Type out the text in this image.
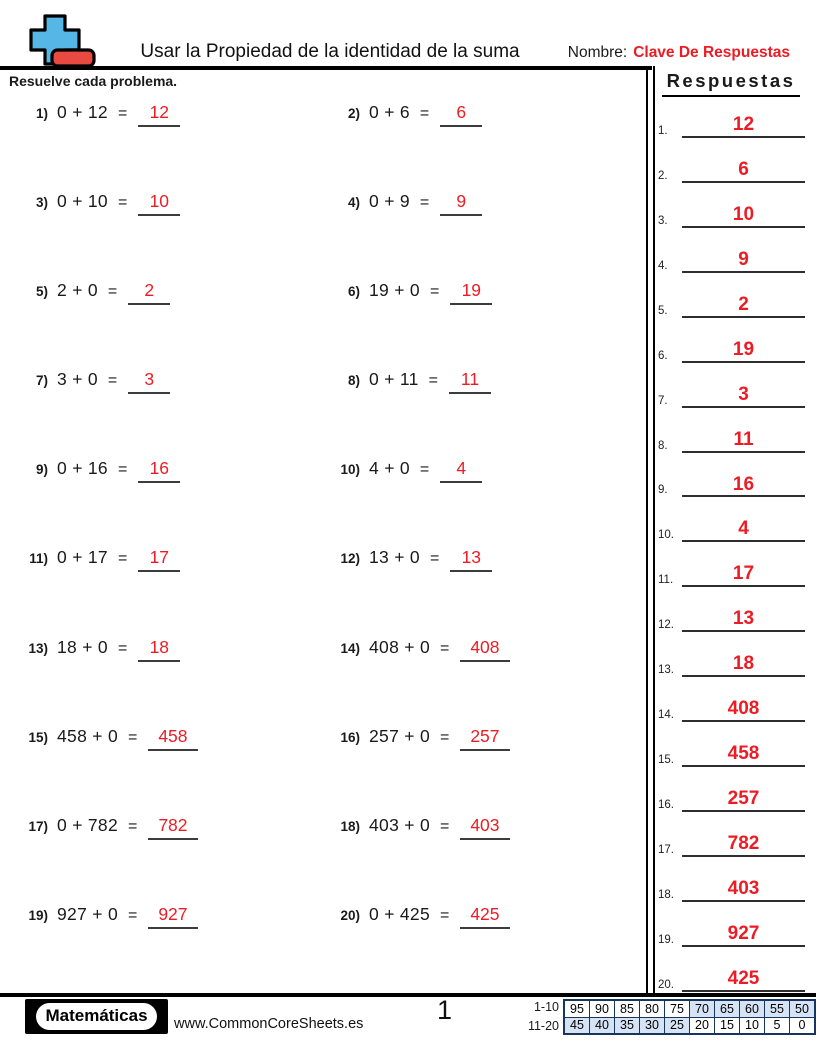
Usar la Propiedad de la identidad de la suma	Nombre: Clave De Respuestas
Resuelve cada problema.
1) 0 + 12 =	12	2) 0 + 6 =	6
3) 0 + 10 =	10	4) 0 + 9 =	9
5) 2 + 0 =	2	6) 19 + 0 =	19
7) 3 + 0 =	3	8) 0 + 11 =	11
9) 0 + 16 =	16	10) 4 + 0 =	4
11) 0 + 17 =	17	12) 13 + 0 =	13
13) 18 + 0 =	18	14) 408 + 0 =	408
15) 458 + 0 =	458	16) 257 + 0 =	257
17) 0 + 782 =	782	18) 403 + 0 =	403
19) 927 + 0 =	927	20) 0 + 425 =	425
Respuestas
1.	12
2.	6
3.	10
4.	9
5.	2
6.	19
7.	3
8.	11
9.	16
10.	4
11.	17
12.	13
13.	18
14.	408
15.	458
16.	257
17.	782
18.	403
19.	927
20.	425
Matemáticas	www.CommonCoreSheets.es	1	1-10
11-20
95	90	85	80	75	70	65	60	55	50
45	40	35	30	25	20	15	10	5	0
